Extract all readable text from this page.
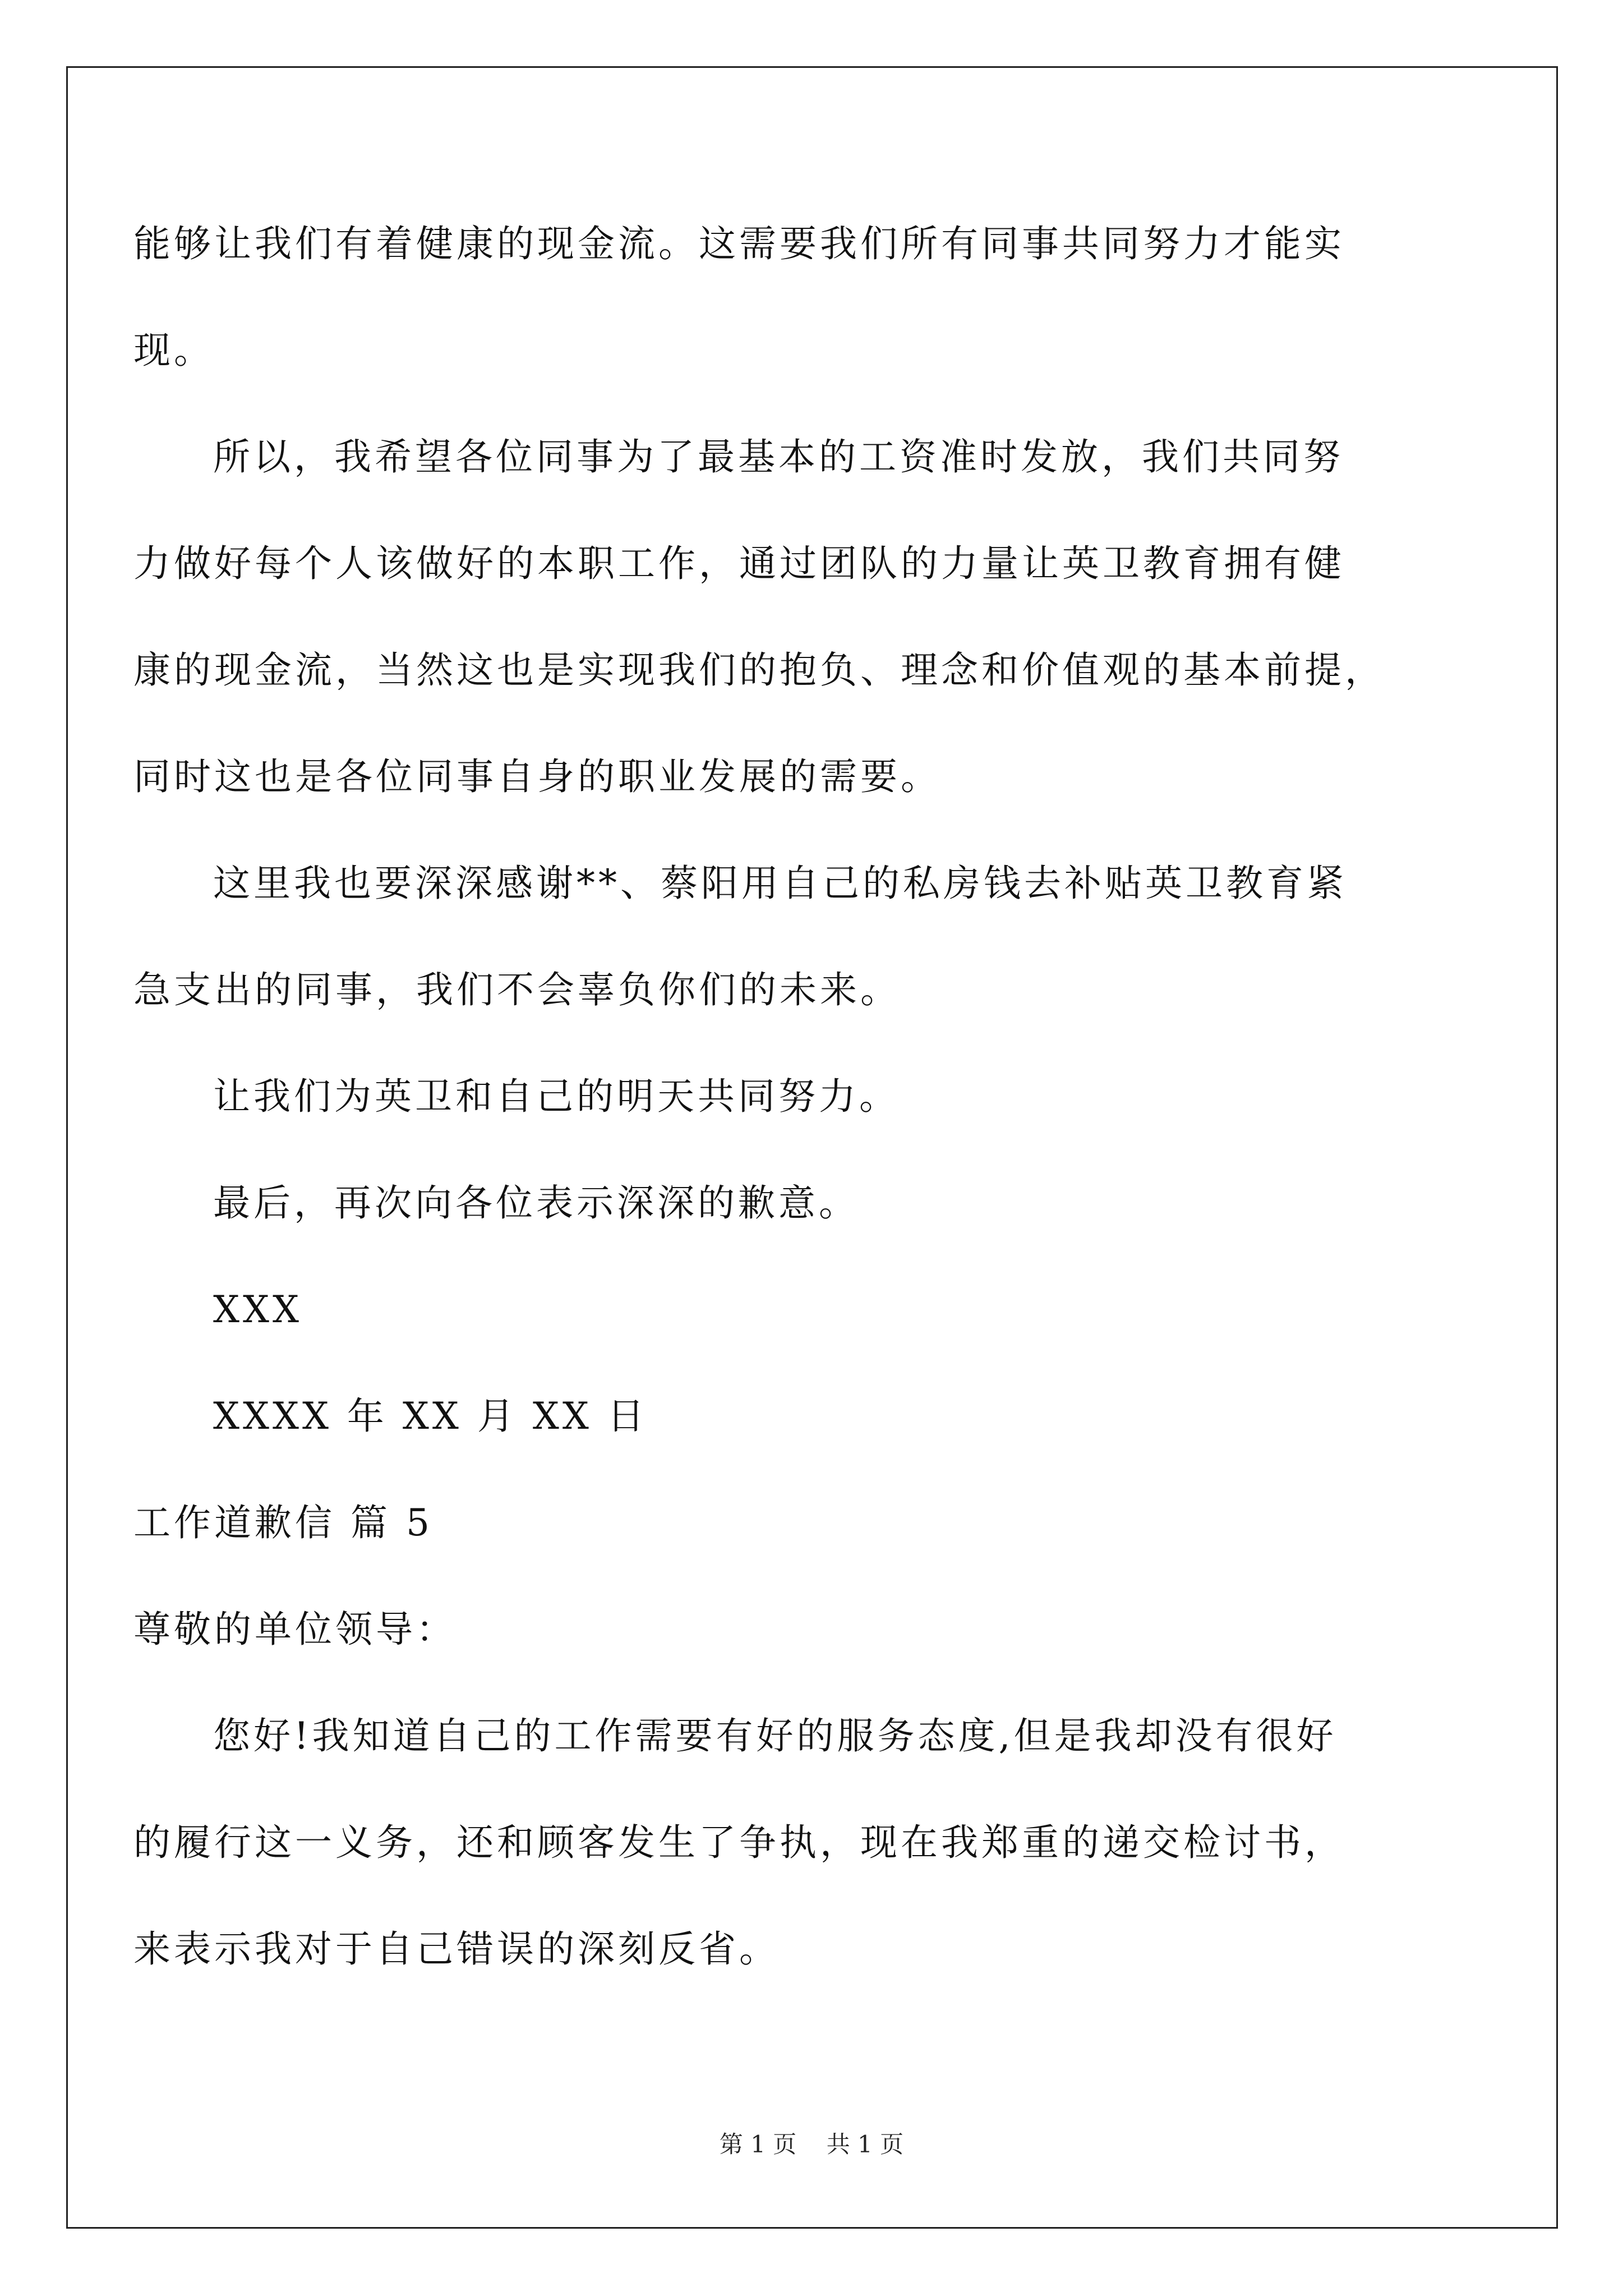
能够让我们有着健康的现金流。这需要我们所有同事共同努力才能实
现。
所以，我希望各位同事为了最基本的工资准时发放，我们共同努
力做好每个人该做好的本职工作，通过团队的力量让英卫教育拥有健
康的现金流，当然这也是实现我们的抱负、理念和价值观的基本前提，
同时这也是各位同事自身的职业发展的需要。
这里我也要深深感谢**、蔡阳用自己的私房钱去补贴英卫教育紧
急支出的同事，我们不会辜负你们的未来。
让我们为英卫和自己的明天共同努力。
最后，再次向各位表示深深的歉意。
XXX
XXXX 年 XX 月 XX 日
工作道歉信 篇 5
尊敬的单位领导：
您好!我知道自己的工作需要有好的服务态度,但是我却没有很好
的履行这一义务，还和顾客发生了争执，现在我郑重的递交检讨书，
来表示我对于自己错误的深刻反省。
第 1 页    共 1 页
